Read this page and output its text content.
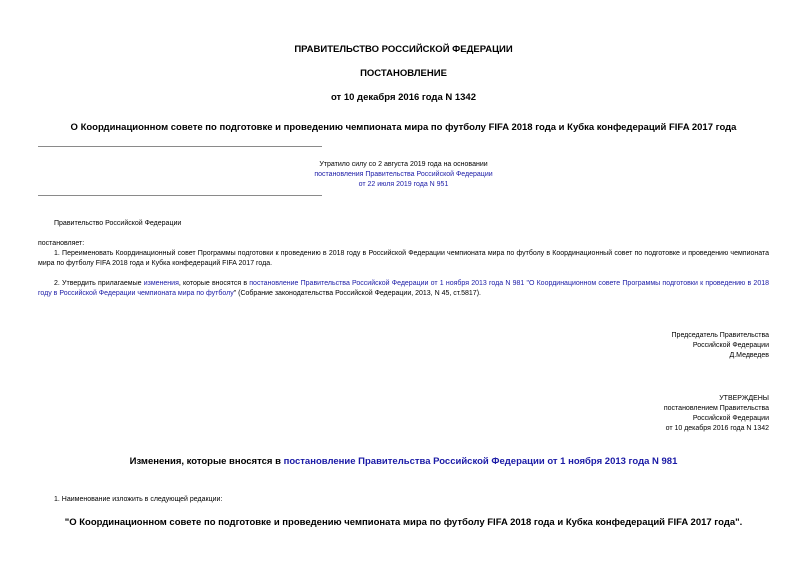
ПРАВИТЕЛЬСТВО РОССИЙСКОЙ ФЕДЕРАЦИИ
ПОСТАНОВЛЕНИЕ
от 10 декабря 2016 года N 1342
О Координационном совете по подготовке и проведению чемпионата мира по футболу FIFA 2018 года и Кубка конфедераций FIFA 2017 года

Утратило силу со 2 августа 2019 года на основании

постановления Правительства Российской Федерации

от 22 июля 2019 года N 951

Правительство Российской Федерации
постановляет:
1. Переименовать Координационный совет Программы подготовки к проведению в 2018 году в Российской Федерации чемпионата мира по футболу в Координационный совет по подготовке и проведению чемпионата мира по футболу FIFA 2018 года и Кубка конфедераций FIFA 2017 года.
2. Утвердить прилагаемые изменения, которые вносятся в постановление Правительства Российской Федерации от 1 ноября 2013 года N 981 "О Координационном совете Программы подготовки к проведению в 2018 году в Российской Федерации чемпионата мира по футболу" (Собрание законодательства Российской Федерации, 2013, N 45, ст.5817).

Председатель Правительства

Российской Федерации

Д.Медведев

УТВЕРЖДЕНЫ

постановлением Правительства

Российской Федерации

от 10 декабря 2016 года N 1342

Изменения, которые вносятся в постановление Правительства Российской Федерации от 1 ноября 2013 года N 981
1. Наименование изложить в следующей редакции:
"О Координационном совете по подготовке и проведению чемпионата мира по футболу FIFA 2018 года и Кубка конфедераций FIFA 2017 года".
